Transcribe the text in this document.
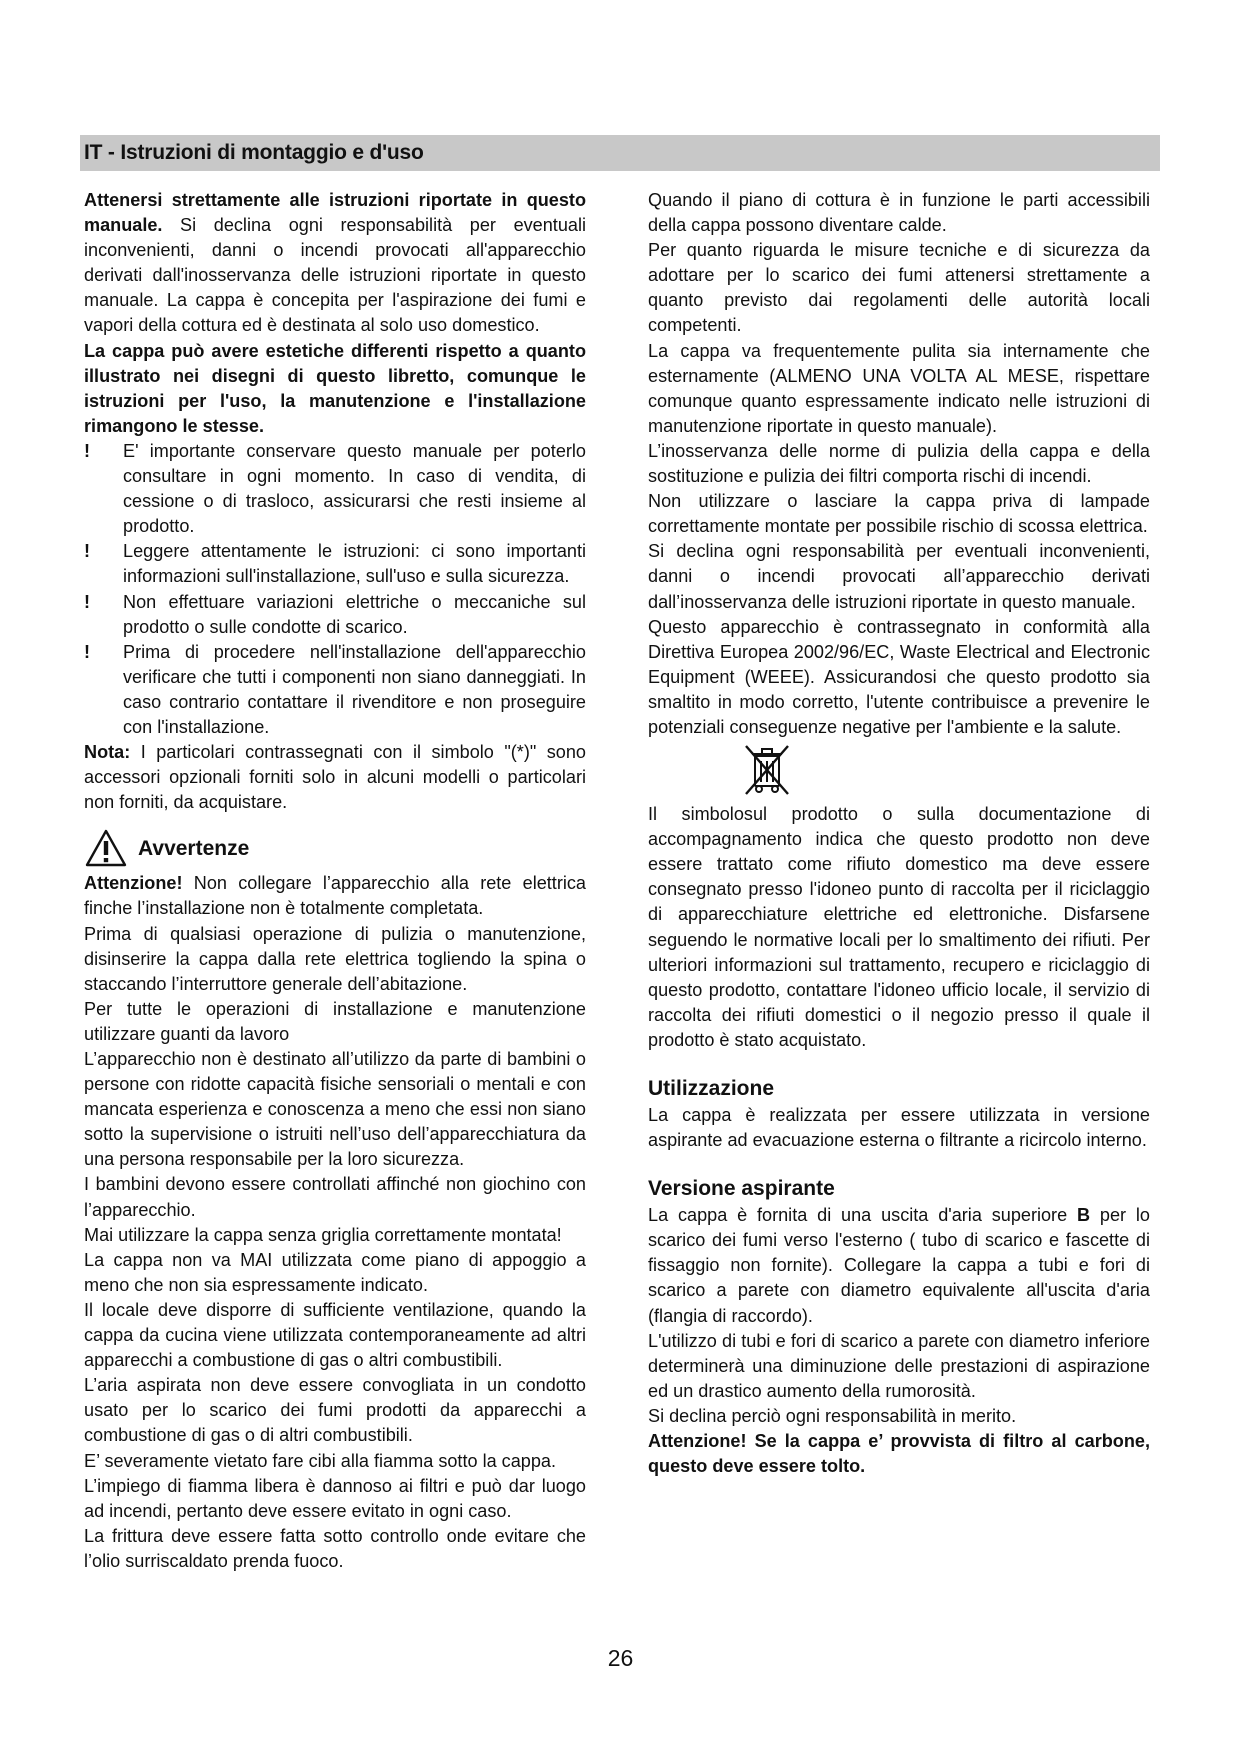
IT - Istruzioni di montaggio e d'uso

Attenersi strettamente alle istruzioni riportate in questo manuale. Si declina ogni responsabilità per eventuali inconvenienti, danni o incendi provocati all'apparecchio derivati dall'inosservanza delle istruzioni riportate in questo manuale. La cappa è concepita per l'aspirazione dei fumi e vapori della cottura ed è destinata al solo uso domestico.

La cappa può avere estetiche differenti rispetto a quanto illustrato nei disegni di questo libretto, comunque le istruzioni per l'uso, la manutenzione e l'installazione rimangono le stesse.

!	E' importante conservare questo manuale per poterlo consultare in ogni momento. In caso di vendita, di cessione o di trasloco, assicurarsi che resti insieme al prodotto.
!	Leggere attentamente le istruzioni: ci sono importanti informazioni sull'installazione, sull'uso e sulla sicurezza.
!	Non effettuare variazioni elettriche o meccaniche sul prodotto o sulle condotte di scarico.
!	Prima di procedere nell'installazione dell'apparecchio verificare che tutti i componenti non siano danneggiati. In caso contrario contattare il rivenditore e non proseguire con l'installazione.

Nota: I particolari contrassegnati con il simbolo "(*)" sono accessori opzionali forniti solo in alcuni modelli o particolari non forniti, da acquistare.

Avvertenze

Attenzione! Non collegare l’apparecchio alla rete elettrica finche l’installazione non è totalmente completata.

Prima di qualsiasi operazione di pulizia o manutenzione, disinserire la cappa dalla rete elettrica togliendo la spina o staccando l’interruttore generale dell’abitazione.

Per tutte le operazioni di installazione e manutenzione utilizzare guanti da lavoro

L’apparecchio non è destinato all’utilizzo da parte di bambini o persone con ridotte capacità fisiche sensoriali o mentali e con mancata esperienza e conoscenza a meno che essi non siano sotto la supervisione o istruiti nell’uso dell’apparecchiatura da una persona responsabile per la loro sicurezza.

I bambini devono essere controllati affinché non giochino con l’apparecchio.

Mai utilizzare la cappa senza griglia correttamente montata!

La cappa non va MAI utilizzata come piano di appoggio a meno che non sia espressamente indicato.

Il locale deve disporre di sufficiente ventilazione, quando la cappa da cucina viene utilizzata contemporaneamente ad altri apparecchi a combustione di gas o altri combustibili.

L’aria aspirata non deve essere convogliata in un condotto usato per lo scarico dei fumi prodotti da apparecchi a combustione di gas o di altri combustibili.

E’ severamente vietato fare cibi alla fiamma sotto la cappa.

L’impiego di fiamma libera è dannoso ai filtri e può dar luogo ad incendi, pertanto deve essere evitato in ogni caso.

La frittura deve essere fatta sotto controllo onde evitare che l’olio surriscaldato prenda fuoco.

Quando il piano di cottura è in funzione le parti accessibili della cappa possono diventare calde.

Per quanto riguarda le misure tecniche e di sicurezza da adottare per lo scarico dei fumi attenersi strettamente a quanto previsto dai regolamenti delle autorità locali competenti.

La cappa va frequentemente pulita sia internamente che esternamente (ALMENO UNA VOLTA AL MESE, rispettare comunque quanto espressamente indicato nelle istruzioni di manutenzione riportate in questo manuale).

L’inosservanza delle norme di pulizia della cappa e della sostituzione e pulizia dei filtri comporta rischi di incendi.

Non utilizzare o lasciare la cappa priva di lampade correttamente montate per possibile rischio di scossa elettrica.

Si declina ogni responsabilità per eventuali inconvenienti, danni o incendi provocati all’apparecchio derivati dall’inosservanza delle istruzioni riportate in questo manuale.

Questo apparecchio è contrassegnato in conformità alla Direttiva Europea 2002/96/EC, Waste Electrical and Electronic Equipment (WEEE). Assicurandosi che questo prodotto sia smaltito in modo corretto, l'utente contribuisce a prevenire le potenziali conseguenze negative per l'ambiente e la salute.

Il simbolosul prodotto o sulla documentazione di accompagnamento indica che questo prodotto non deve essere trattato come rifiuto domestico ma deve essere consegnato presso l'idoneo punto di raccolta per il riciclaggio di apparecchiature elettriche ed elettroniche. Disfarsene seguendo le normative locali per lo smaltimento dei rifiuti. Per ulteriori informazioni sul trattamento, recupero e riciclaggio di questo prodotto, contattare l'idoneo ufficio locale, il servizio di raccolta dei rifiuti domestici o il negozio presso il quale il prodotto è stato acquistato.

Utilizzazione

La cappa è realizzata per essere utilizzata in versione aspirante ad evacuazione esterna o filtrante a ricircolo interno.

Versione aspirante

La cappa è fornita di una uscita d'aria superiore B per lo scarico dei fumi verso l'esterno ( tubo di scarico e fascette di fissaggio non fornite). Collegare la cappa a tubi e fori di scarico a parete con diametro equivalente all'uscita d'aria (flangia di raccordo).

L'utilizzo di tubi e fori di scarico a parete con diametro inferiore determinerà una diminuzione delle prestazioni di aspirazione ed un drastico aumento della rumorosità.

Si declina perciò ogni responsabilità in merito.

Attenzione! Se la cappa e’ provvista di filtro al carbone, questo deve essere tolto.

26
